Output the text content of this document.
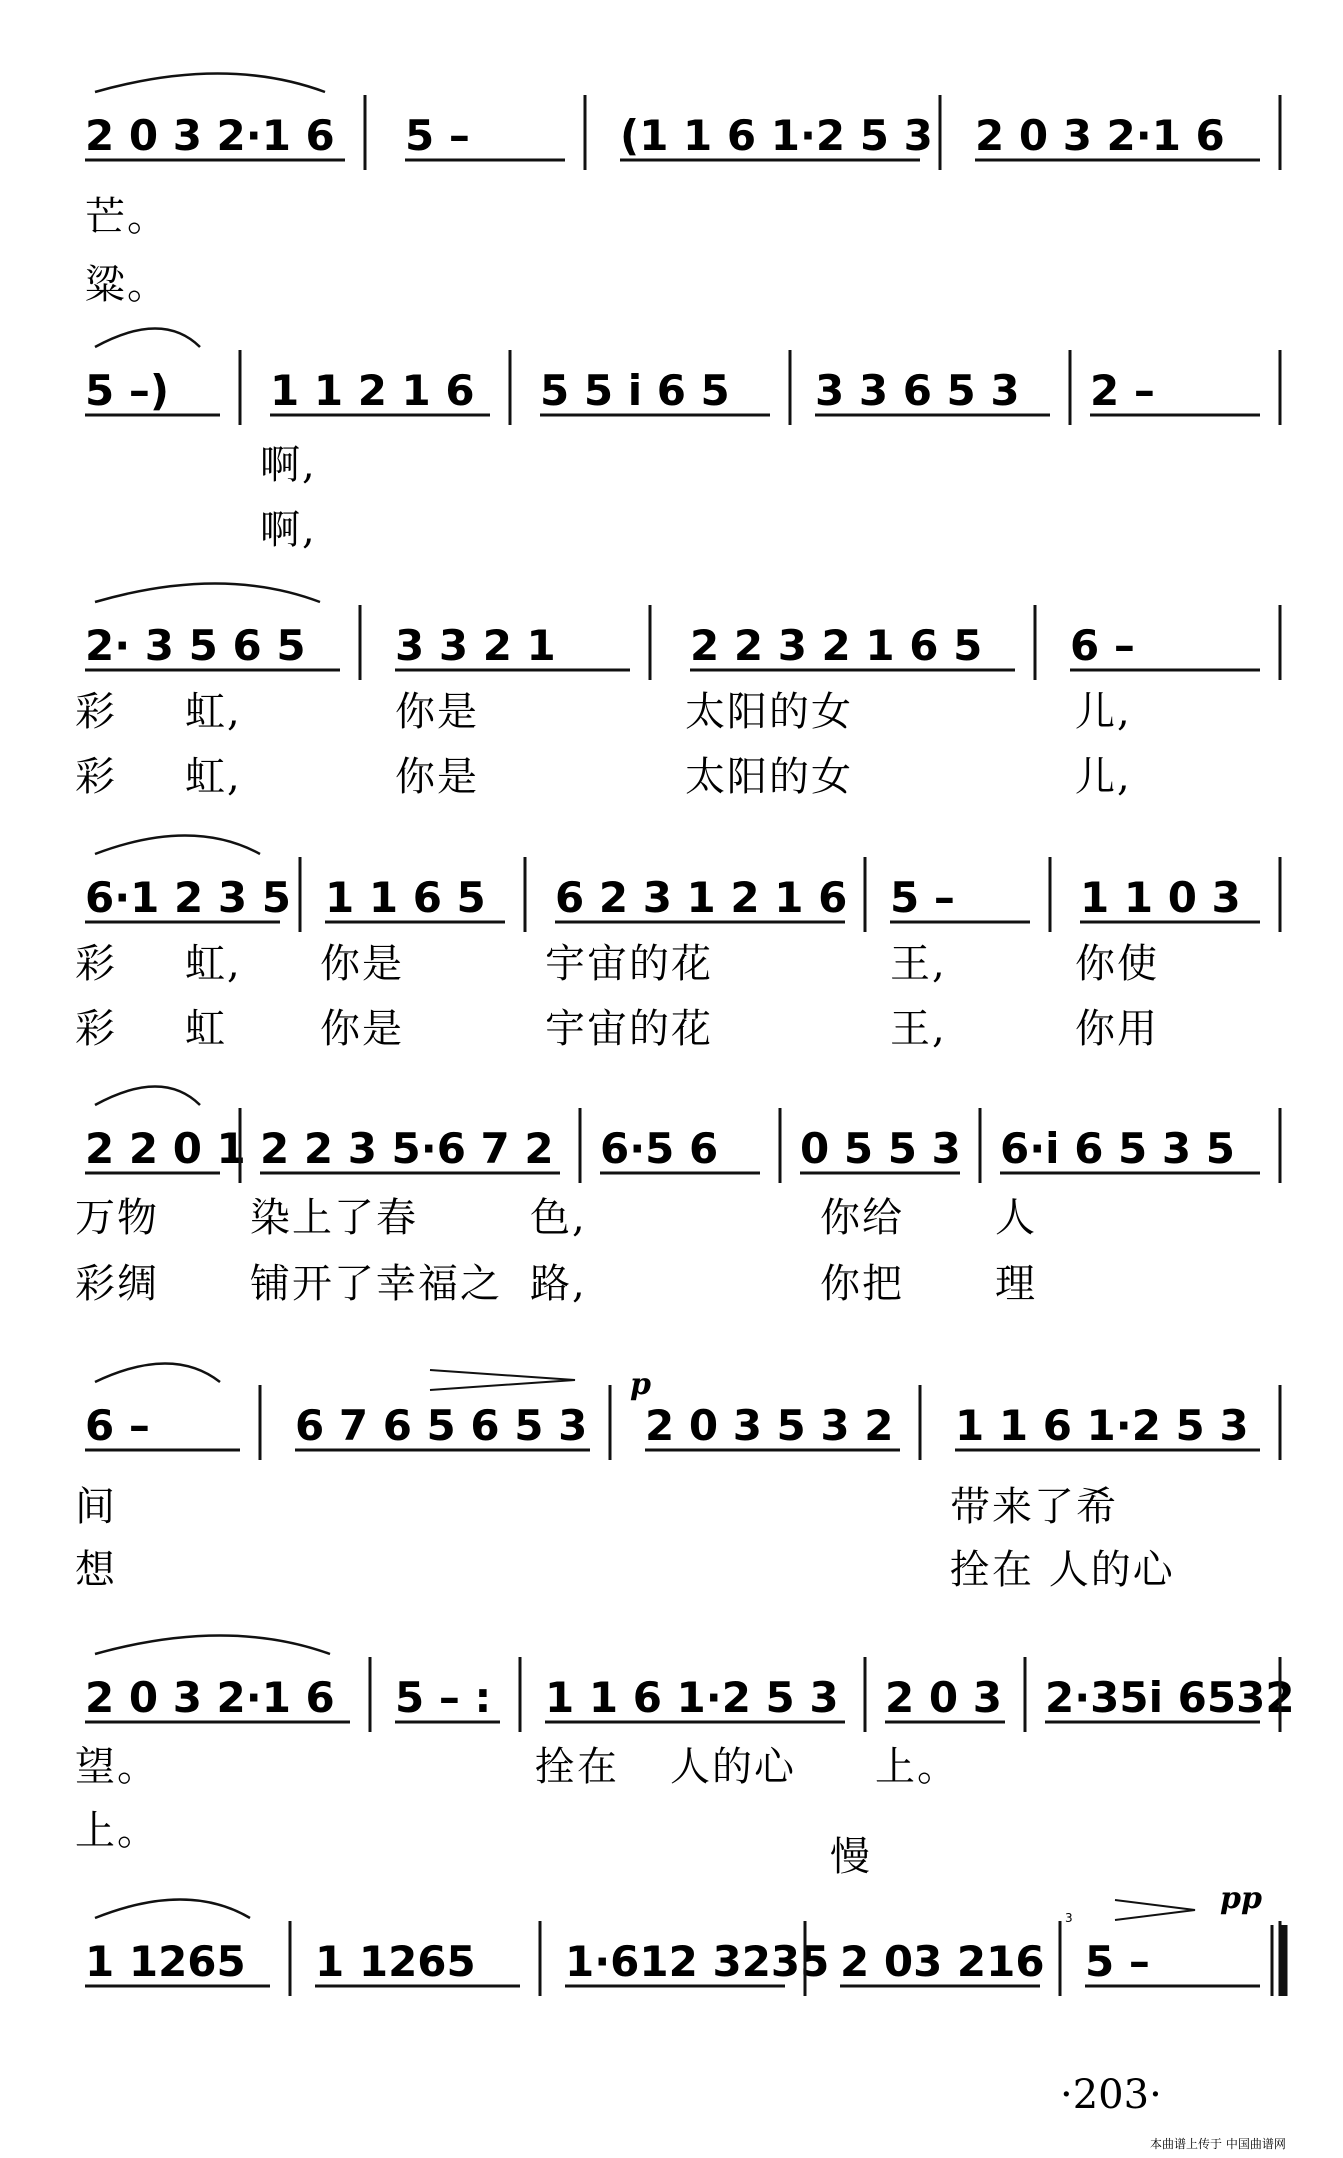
2 0 3 2·1 6 5 –	(1 1 6 1·2 5 3 2 0 3 2·1 6
芒。
粱。
5 –) 1 1 2 1 6 5 5 i 6 5 3 3 6 5 3 2 –
啊,
啊,
2· 3 5 6 5 3 3 2 1	2 2 3 2 1 6 5 6 –
彩 虹,	你是	太阳的女	儿,
彩 虹,	你是	太阳的女	儿,
6·1 2 3 5 1 1 6 5 6 2 3 1 2 1 6 5 –	1 1 0 3
彩 虹, 你是	宇宙的花	王,	你使
彩 虹 你是	宇宙的花	王,	你用
2 2 0 1 2 2 3 5·6 7 2 6·5 6 0 5 5 3 6·i 6 5 3 5
万物 染上了春	色,	你给 人
彩绸 铺开了幸福之 路,	你把 理
6 –	6 7 6 5 6 5 3 2 0 3 5 3 2 1 1 6 1·2 5 3
间	带来了希
想	拴在 人的心
2 0 3 2·1 6 5 – : 1 1 6 1·2 5 3 2 0 3 2·35i 6532
望。	拴在 人的心 上。
上。
1 1265 1 1265 1·612 3235 2 03 216 5 –
p
pp
慢
3
·203·
本曲谱上传于 中国曲谱网
